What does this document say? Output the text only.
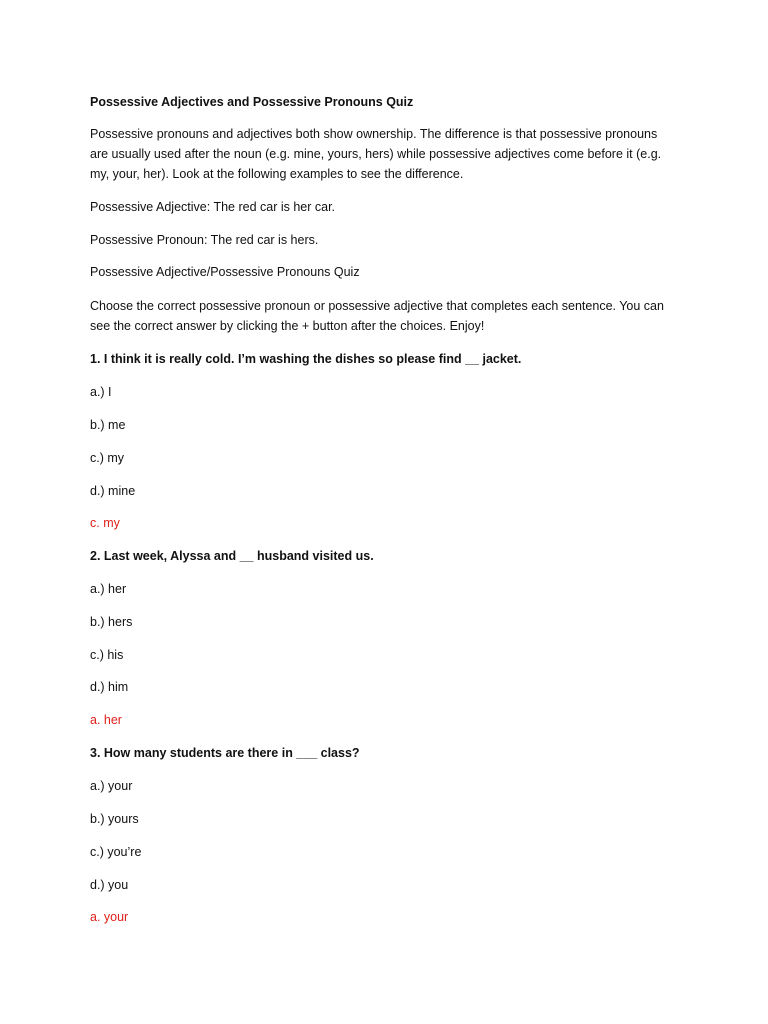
Possessive Adjectives and Possessive Pronouns Quiz

Possessive pronouns and adjectives both show ownership. The difference is that possessive pronouns

are usually used after the noun (e.g. mine, yours, hers) while possessive adjectives come before it (e.g.

my, your, her). Look at the following examples to see the difference.

Possessive Adjective: The red car is her car.

Possessive Pronoun: The red car is hers.

Possessive Adjective/Possessive Pronouns Quiz

Choose the correct possessive pronoun or possessive adjective that completes each sentence. You can

see the correct answer by clicking the + button after the choices. Enjoy!

1. I think it is really cold. I’m washing the dishes so please find __ jacket.

a.) I

b.) me

c.) my

d.) mine

c. my

2. Last week, Alyssa and __ husband visited us.

a.) her

b.) hers

c.) his

d.) him

a. her

3. How many students are there in ___ class?

a.) your

b.) yours

c.) you’re

d.) you

a. your
